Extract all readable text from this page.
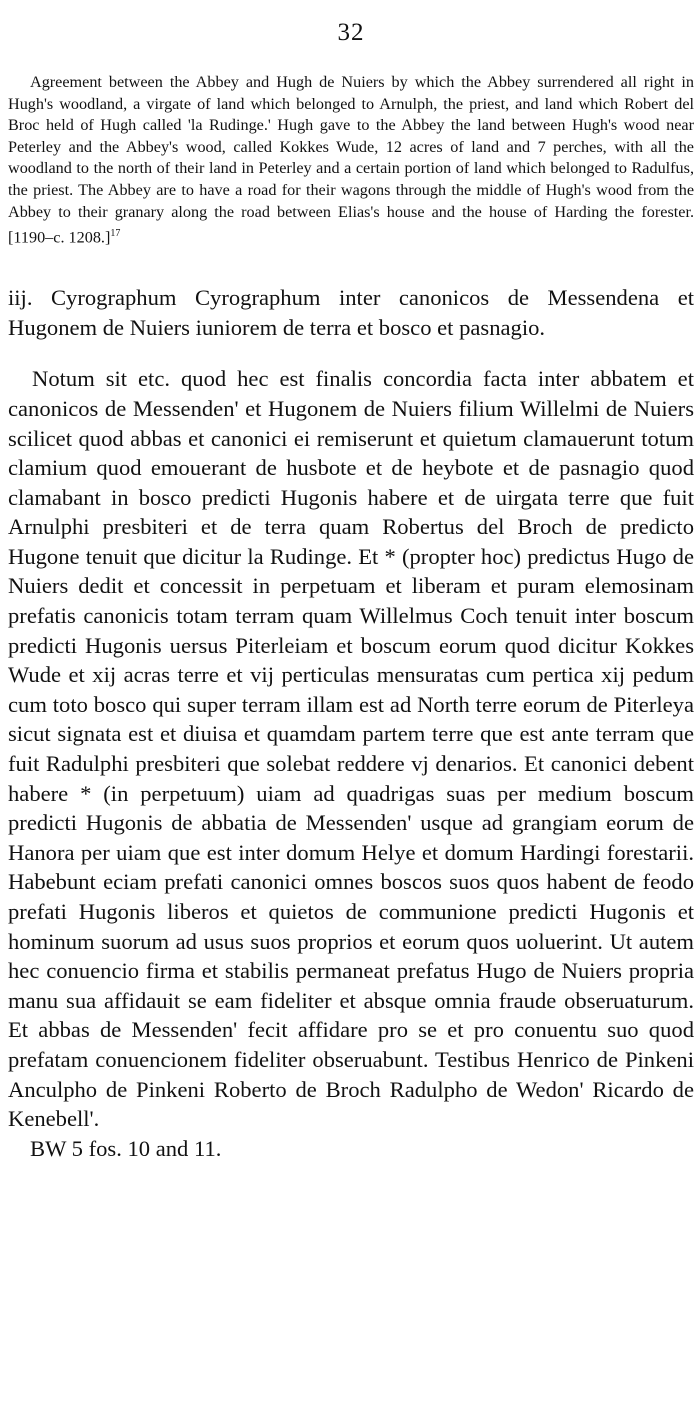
32

Agreement between the Abbey and Hugh de Nuiers by which the Abbey surrendered all right in Hugh's woodland, a virgate of land which belonged to Arnulph, the priest, and land which Robert del Broc held of Hugh called 'la Rudinge.' Hugh gave to the Abbey the land between Hugh's wood near Peterley and the Abbey's wood, called Kokkes Wude, 12 acres of land and 7 perches, with all the woodland to the north of their land in Peterley and a certain portion of land which belonged to Radulfus, the priest. The Abbey are to have a road for their wagons through the middle of Hugh's wood from the Abbey to their granary along the road between Elias's house and the house of Harding the forester. [1190–c. 1208.]$^{17}$

iij. Cyrographum Cyrographum inter canonicos de Messendena et Hugonem de Nuiers iuniorem de terra et bosco et pasnagio.

Notum sit etc. quod hec est finalis concordia facta inter abbatem et canonicos de Messenden' et Hugonem de Nuiers filium Willelmi de Nuiers scilicet quod abbas et canonici ei remiserunt et quietum clamauerunt totum clamium quod emouerant de husbote et de heybote et de pasnagio quod clamabant in bosco predicti Hugonis habere et de uirgata terre que fuit Arnulphi presbiteri et de terra quam Robertus del Broch de predicto Hugone tenuit que dicitur la Rudinge. Et * (propter hoc) predictus Hugo de Nuiers dedit et concessit in perpetuam et liberam et puram elemosinam prefatis canonicis totam terram quam Willelmus Coch tenuit inter boscum predicti Hugonis uersus Piterleiam et boscum eorum quod dicitur Kokkes Wude et xij acras terre et vij perticulas mensuratas cum pertica xij pedum cum toto bosco qui super terram illam est ad North terre eorum de Piterleya sicut signata est et diuisa et quamdam partem terre que est ante terram que fuit Radulphi presbiteri que solebat reddere vj denarios. Et canonici debent habere * (in perpetuum) uiam ad quadrigas suas per medium boscum predicti Hugonis de abbatia de Messenden' usque ad grangiam eorum de Hanora per uiam que est inter domum Helye et domum Hardingi forestarii. Habebunt eciam prefati canonici omnes boscos suos quos habent de feodo prefati Hugonis liberos et quietos de communione predicti Hugonis et hominum suorum ad usus suos proprios et eorum quos uoluerint. Ut autem hec conuencio firma et stabilis permaneat prefatus Hugo de Nuiers propria manu sua affidauit se eam fideliter et absque omnia fraude obseruaturum. Et abbas de Messenden' fecit affidare pro se et pro conuentu suo quod prefatam conuencionem fideliter obseruabunt. Testibus Henrico de Pinkeni Anculpho de Pinkeni Roberto de Broch Radulpho de Wedon' Ricardo de Kenebell'.

BW 5 fos. 10 and 11.
